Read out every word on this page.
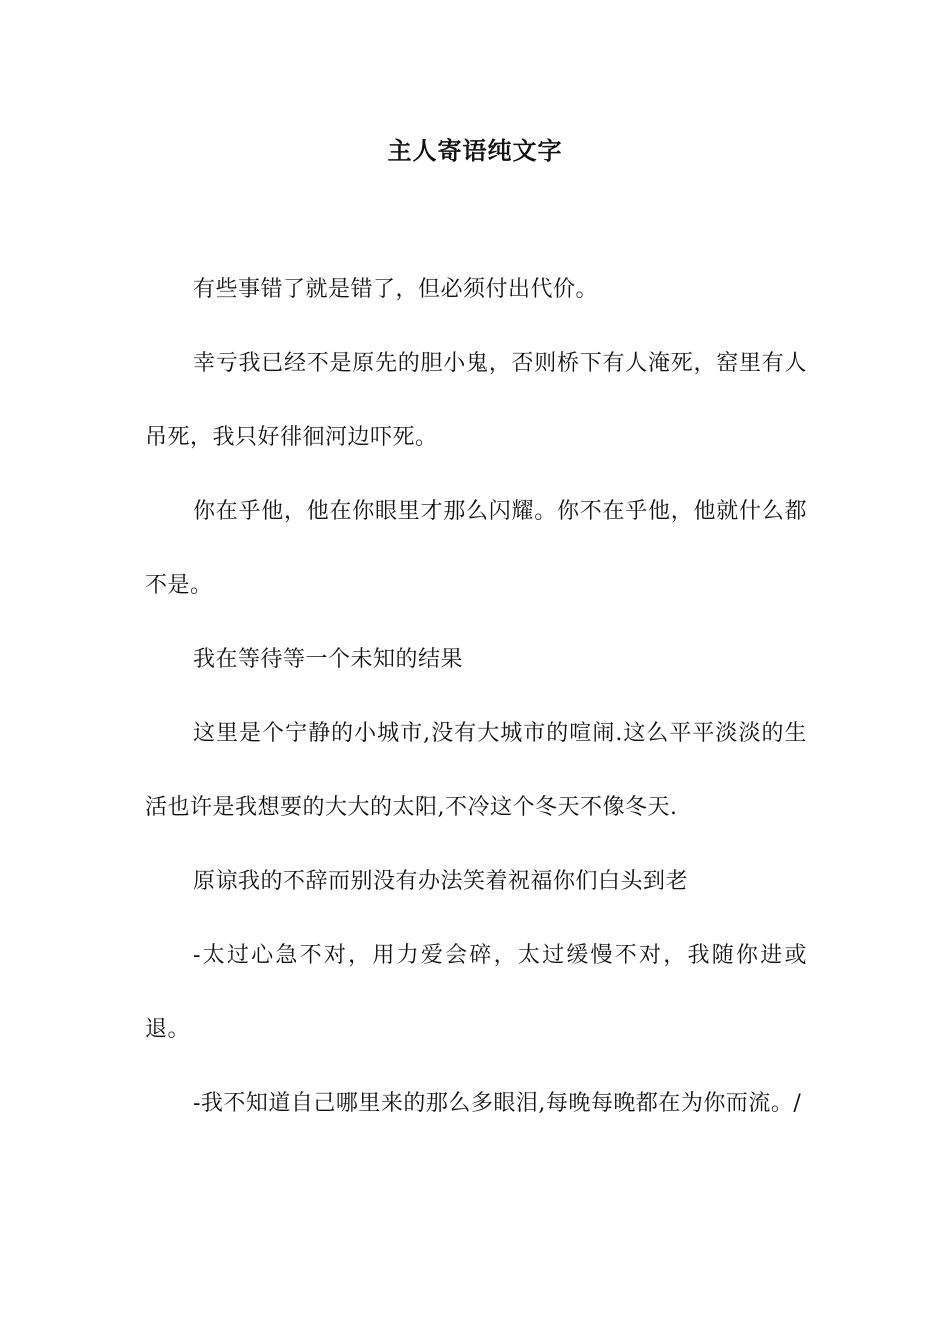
主人寄语纯文字

有些事错了就是错了，但必须付出代价。

幸亏我已经不是原先的胆小鬼，否则桥下有人淹死，窑里有人吊死，我只好徘徊河边吓死。

你在乎他，他在你眼里才那么闪耀。你不在乎他，他就什么都不是。

我在等待等一个未知的结果

这里是个宁静的小城市,没有大城市的喧闹.这么平平淡淡的生活也许是我想要的大大的太阳,不冷这个冬天不像冬天.

原谅我的不辞而别没有办法笑着祝福你们白头到老

-太过心急不对，用力爱会碎，太过缓慢不对，我随你进或退。

-我不知道自己哪里来的那么多眼泪,每晚每晚都在为你而流。/
